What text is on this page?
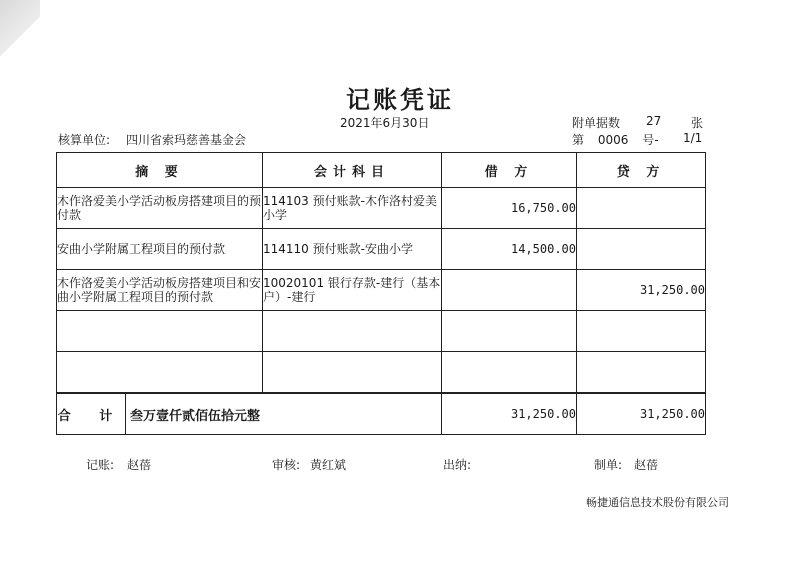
记账凭证
2021年6月30日	附单据数 27 张
核算单位: 四川省索玛慈善基金会	第 0006 号-	1/1
摘 要	会计科目	借 方	贷 方
木作洛爱美小学活动板房搭建项目的预付款	114103 预付账款-木作洛村爱美小学	16,750.00	
安曲小学附属工程项目的预付款	114110 预付账款-安曲小学	14,500.00	
木作洛爱美小学活动板房搭建项目和安曲小学附属工程项目的预付款	10020101 银行存款-建行（基本户）-建行		31,250.00

合 计 叁万壹仟贰佰伍拾元整		31,250.00	31,250.00
记账: 赵蓓	审核: 黄红斌	出纳:	制单: 赵蓓
畅捷通信息技术股份有限公司
